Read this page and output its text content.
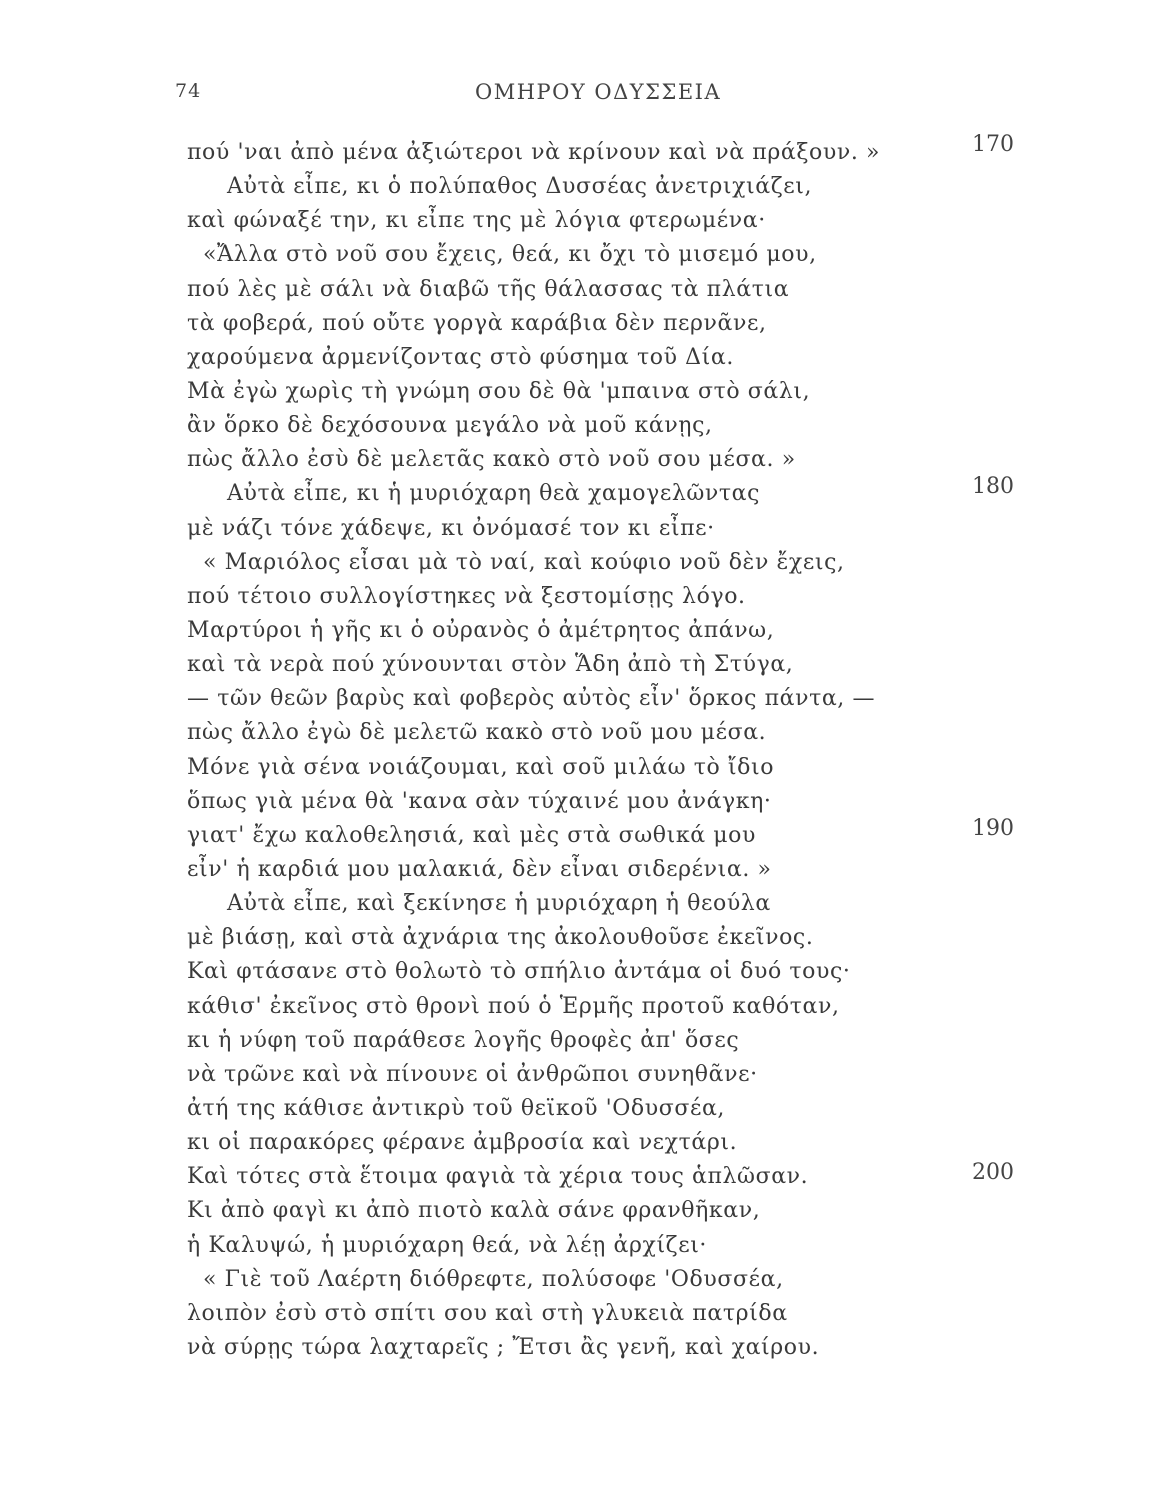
74	ΟΜΗΡΟΥ ΟΔΥΣΣΕΙΑ
πού 'ναι ἀπὸ μένα ἀξιώτεροι νὰ κρίνουν καὶ νὰ πράξουν. »
Αὐτὰ εἶπε, κι ὁ πολύπαθος Δυσσέας ἀνετριχιάζει,
καὶ φώναξέ την, κι εἶπε της μὲ λόγια φτερωμένα·
«Ἄλλα στὸ νοῦ σου ἔχεις, θεά, κι ὄχι τὸ μισεμό μου,
πού λὲς μὲ σάλι νὰ διαβῶ τῆς θάλασσας τὰ πλάτια
τὰ φοβερά, πού οὔτε γοργὰ καράβια δὲν περνᾶνε,
χαρούμενα ἀρμενίζοντας στὸ φύσημα τοῦ Δία.
Μὰ ἐγὼ χωρὶς τὴ γνώμη σου δὲ θὰ 'μπαινα στὸ σάλι,
ἂν ὅρκο δὲ δεχόσουνα μεγάλο νὰ μοῦ κάνῃς,
πὼς ἄλλο ἐσὺ δὲ μελετᾶς κακὸ στὸ νοῦ σου μέσα. »
Αὐτὰ εἶπε, κι ἡ μυριόχαρη θεὰ χαμογελῶντας
μὲ νάζι τόνε χάδεψε, κι ὀνόμασέ τον κι εἶπε·
« Μαριόλος εἶσαι μὰ τὸ ναί, καὶ κούφιο νοῦ δὲν ἔχεις,
πού τέτοιο συλλογίστηκες νὰ ξεστομίσῃς λόγο.
Μαρτύροι ἡ γῆς κι ὁ οὐρανὸς ὁ ἀμέτρητος ἀπάνω,
καὶ τὰ νερὰ πού χύνουνται στὸν Ἅδη ἀπὸ τὴ Στύγα,
— τῶν θεῶν βαρὺς καὶ φοβερὸς αὐτὸς εἶν' ὅρκος πάντα, —
πὼς ἄλλο ἐγὼ δὲ μελετῶ κακὸ στὸ νοῦ μου μέσα.
Μόνε γιὰ σένα νοιάζουμαι, καὶ σοῦ μιλάω τὸ ἴδιο
ὅπως γιὰ μένα θὰ 'κανα σὰν τύχαινέ μου ἀνάγκη·
γιατ' ἔχω καλοθελησιά, καὶ μὲς στὰ σωθικά μου
εἶν' ἡ καρδιά μου μαλακιά, δὲν εἶναι σιδερένια. »
Αὐτὰ εἶπε, καὶ ξεκίνησε ἡ μυριόχαρη ἡ θεούλα
μὲ βιάσῃ, καὶ στὰ ἀχνάρια της ἀκολουθοῦσε ἐκεῖνος.
Καὶ φτάσανε στὸ θολωτὸ τὸ σπήλιο ἀντάμα οἱ δυό τους·
κάθισ' ἐκεῖνος στὸ θρονὶ πού ὁ Ἑρμῆς προτοῦ καθόταν,
κι ἡ νύφη τοῦ παράθεσε λογῆς θροφὲς ἀπ' ὅσες
νὰ τρῶνε καὶ νὰ πίνουνε οἱ ἀνθρῶποι συνηθᾶνε·
ἀτή της κάθισε ἀντικρὺ τοῦ θεϊκοῦ 'Οδυσσέα,
κι οἱ παρακόρες φέρανε ἀμβροσία καὶ νεχτάρι.
Καὶ τότες στὰ ἕτοιμα φαγιὰ τὰ χέρια τους ἁπλῶσαν.
Κι ἀπὸ φαγὶ κι ἀπὸ πιοτὸ καλὰ σάνε φρανθῆκαν,
ἡ Καλυψώ, ἡ μυριόχαρη θεά, νὰ λέῃ ἀρχίζει·
« Γιὲ τοῦ Λαέρτη διόθρεφτε, πολύσοφε 'Οδυσσέα,
λοιπὸν ἐσὺ στὸ σπίτι σου καὶ στὴ γλυκειὰ πατρίδα
νὰ σύρῃς τώρα λαχταρεῖς ; Ἔτσι ἂς γενῆ, καὶ χαίρου.
170
180
190
200
